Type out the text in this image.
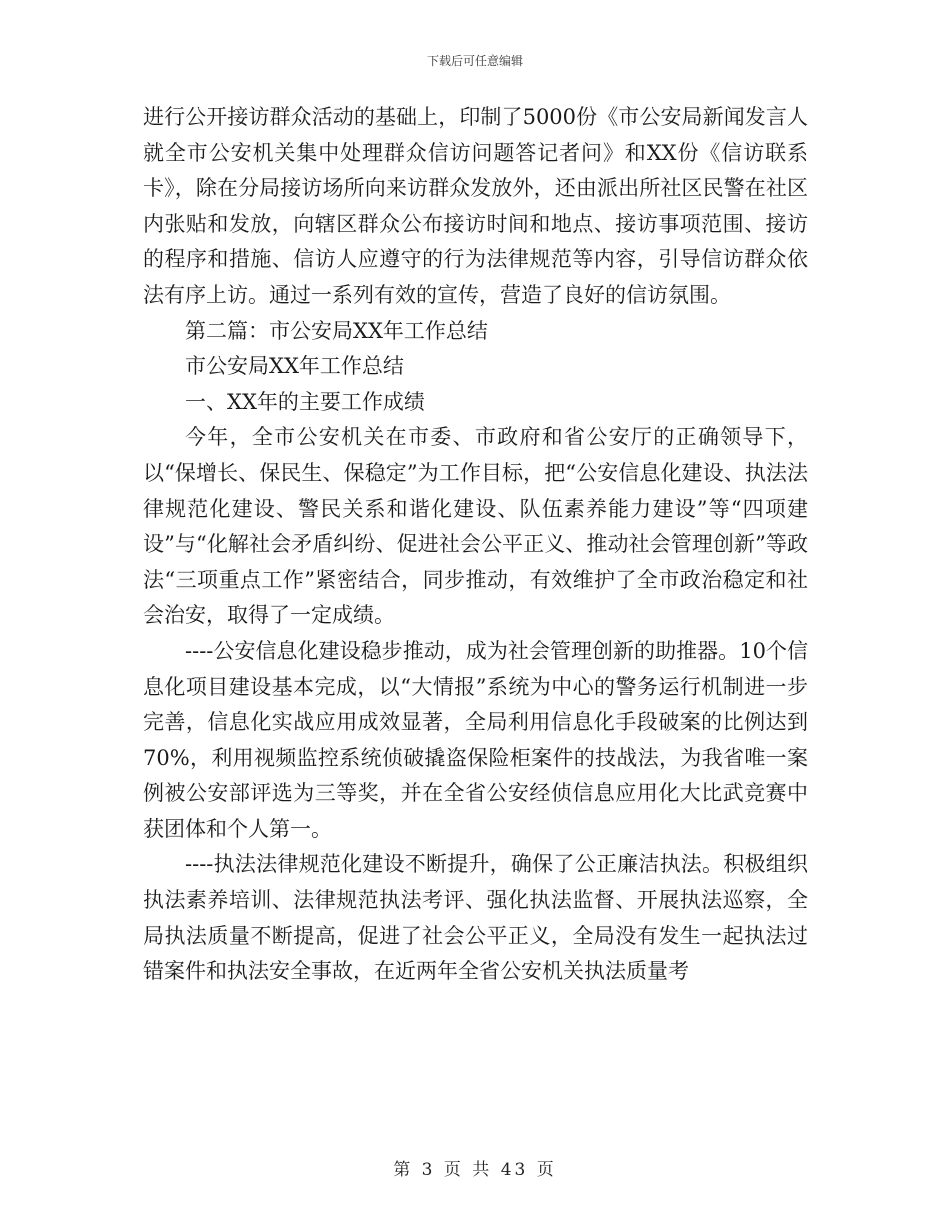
下载后可任意编辑

进行公开接访群众活动的基础上，印制了5000份《市公安局新闻发言人就全市公安机关集中处理群众信访问题答记者问》和XX份《信访联系卡》，除在分局接访场所向来访群众发放外，还由派出所社区民警在社区内张贴和发放，向辖区群众公布接访时间和地点、接访事项范围、接访的程序和措施、信访人应遵守的行为法律规范等内容，引导信访群众依法有序上访。通过一系列有效的宣传，营造了良好的信访氛围。

第二篇：市公安局XX年工作总结

市公安局XX年工作总结

一、XX年的主要工作成绩

今年，全市公安机关在市委、市政府和省公安厅的正确领导下，以“保增长、保民生、保稳定”为工作目标，把“公安信息化建设、执法法律规范化建设、警民关系和谐化建设、队伍素养能力建设”等“四项建设”与“化解社会矛盾纠纷、促进社会公平正义、推动社会管理创新”等政法“三项重点工作”紧密结合，同步推动，有效维护了全市政治稳定和社会治安，取得了一定成绩。

----公安信息化建设稳步推动，成为社会管理创新的助推器。10个信息化项目建设基本完成，以“大情报”系统为中心的警务运行机制进一步完善，信息化实战应用成效显著，全局利用信息化手段破案的比例达到70%，利用视频监控系统侦破撬盗保险柜案件的技战法，为我省唯一案例被公安部评选为三等奖，并在全省公安经侦信息应用化大比武竞赛中获团体和个人第一。

----执法法律规范化建设不断提升，确保了公正廉洁执法。积极组织执法素养培训、法律规范执法考评、强化执法监督、开展执法巡察，全局执法质量不断提高，促进了社会公平正义，全局没有发生一起执法过错案件和执法安全事故，在近两年全省公安机关执法质量考

第 3 页 共 43 页
